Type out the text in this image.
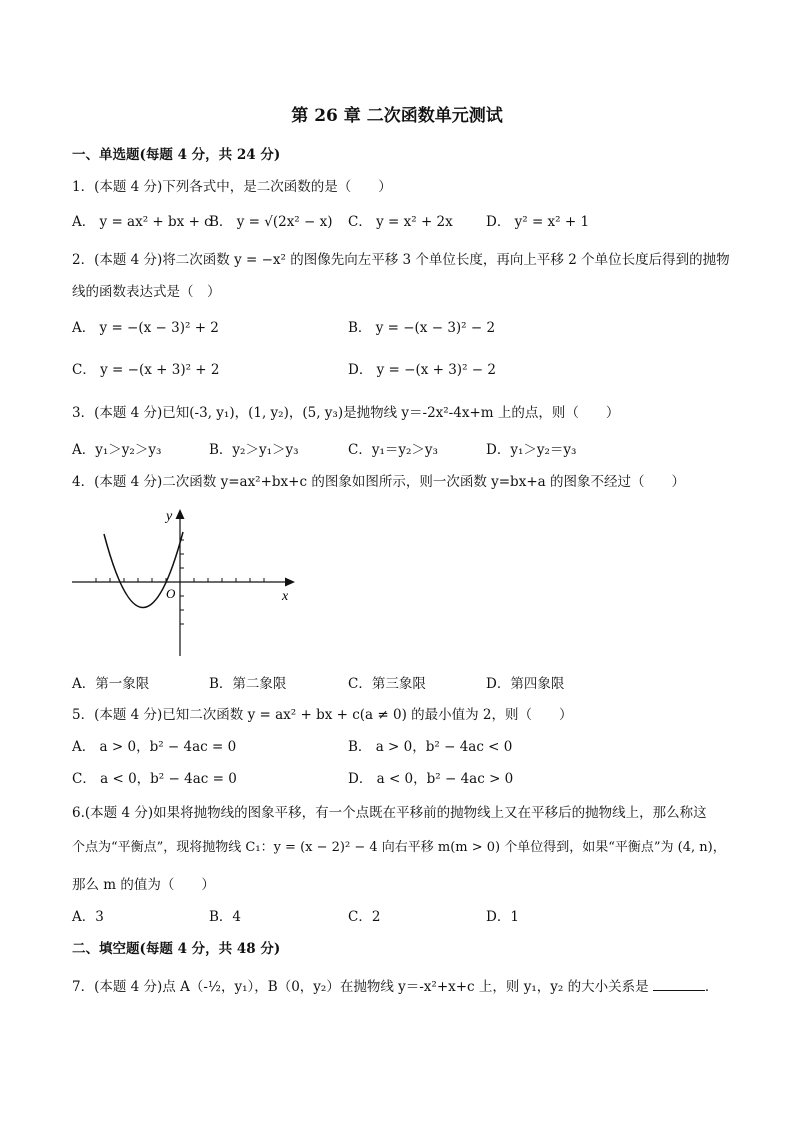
第 26 章 二次函数单元测试
一、单选题(每题 4 分，共 24 分)
1．(本题 4 分)下列各式中，是二次函数的是（　　）
A． y = ax² + bx + c
B． y = √(2x² − x) C． y = x² + 2x D． y² = x² + 1
2．(本题 4 分)将二次函数 y = −x² 的图像先向左平移 3 个单位长度，再向上平移 2 个单位长度后得到的抛物
线的函数表达式是（　）
A． y = −(x − 3)² + 2	B． y = −(x − 3)² − 2
C． y = −(x + 3)² + 2	D． y = −(x + 3)² − 2
3．(本题 4 分)已知(-3, y₁)，(1, y₂)，(5, y₃)是抛物线 y＝-2x²-4x+m 上的点，则（　　）
A．y₁＞y₂＞y₃	B．y₂＞y₁＞y₃	C．y₁＝y₂＞y₃	D．y₁＞y₂＝y₃
4．(本题 4 分)二次函数 y=ax²+bx+c 的图象如图所示，则一次函数 y=bx+a 的图象不经过（　　）
y
x
O
A．第一象限	B．第二象限	C．第三象限	D．第四象限
5．(本题 4 分)已知二次函数 y = ax² + bx + c(a ≠ 0) 的最小值为 2，则（　　）
A． a > 0，b² − 4ac = 0	B． a > 0，b² − 4ac < 0
C． a < 0，b² − 4ac = 0	D． a < 0，b² − 4ac > 0
6.(本题 4 分)如果将抛物线的图象平移，有一个点既在平移前的抛物线上又在平移后的抛物线上，那么称这
个点为“平衡点”，现将抛物线 C₁：y = (x − 2)² − 4 向右平移 m(m > 0) 个单位得到，如果“平衡点”为 (4, n)，
那么 m 的值为（　　）
A．3	B．4	C．2	D．1
二、填空题(每题 4 分，共 48 分)
7．(本题 4 分)点 A（-½，y₁），B（0，y₂）在抛物线 y＝-x²+x+c 上，则 y₁，y₂ 的大小关系是	．
